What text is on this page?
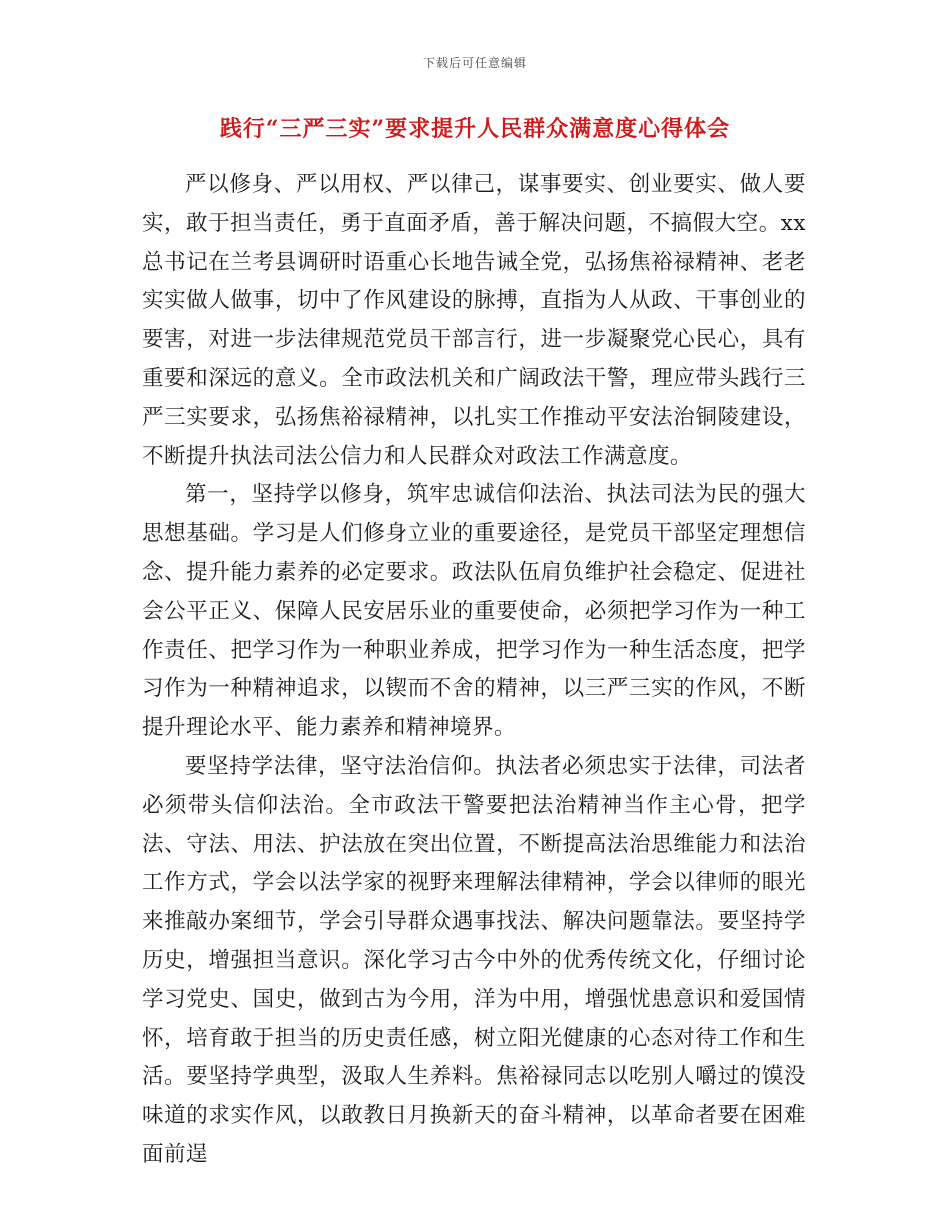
下载后可任意编辑
践行“三严三实”要求提升人民群众满意度心得体会

严以修身、严以用权、严以律己，谋事要实、创业要实、做人要实，敢于担当责任，勇于直面矛盾，善于解决问题，不搞假大空。xx总书记在兰考县调研时语重心长地告诫全党，弘扬焦裕禄精神、老老实实做人做事，切中了作风建设的脉搏，直指为人从政、干事创业的要害，对进一步法律规范党员干部言行，进一步凝聚党心民心，具有重要和深远的意义。全市政法机关和广阔政法干警，理应带头践行三严三实要求，弘扬焦裕禄精神，以扎实工作推动平安法治铜陵建设，不断提升执法司法公信力和人民群众对政法工作满意度。

第一，坚持学以修身，筑牢忠诚信仰法治、执法司法为民的强大思想基础。学习是人们修身立业的重要途径，是党员干部坚定理想信念、提升能力素养的必定要求。政法队伍肩负维护社会稳定、促进社会公平正义、保障人民安居乐业的重要使命，必须把学习作为一种工作责任、把学习作为一种职业养成，把学习作为一种生活态度，把学习作为一种精神追求，以锲而不舍的精神，以三严三实的作风，不断提升理论水平、能力素养和精神境界。

要坚持学法律，坚守法治信仰。执法者必须忠实于法律，司法者必须带头信仰法治。全市政法干警要把法治精神当作主心骨，把学法、守法、用法、护法放在突出位置，不断提高法治思维能力和法治工作方式，学会以法学家的视野来理解法律精神，学会以律师的眼光来推敲办案细节，学会引导群众遇事找法、解决问题靠法。要坚持学历史，增强担当意识。深化学习古今中外的优秀传统文化，仔细讨论学习党史、国史，做到古为今用，洋为中用，增强忧患意识和爱国情怀，培育敢于担当的历史责任感，树立阳光健康的心态对待工作和生活。要坚持学典型，汲取人生养料。焦裕禄同志以吃别人嚼过的馍没味道的求实作风，以敢教日月换新天的奋斗精神，以革命者要在困难面前逞
